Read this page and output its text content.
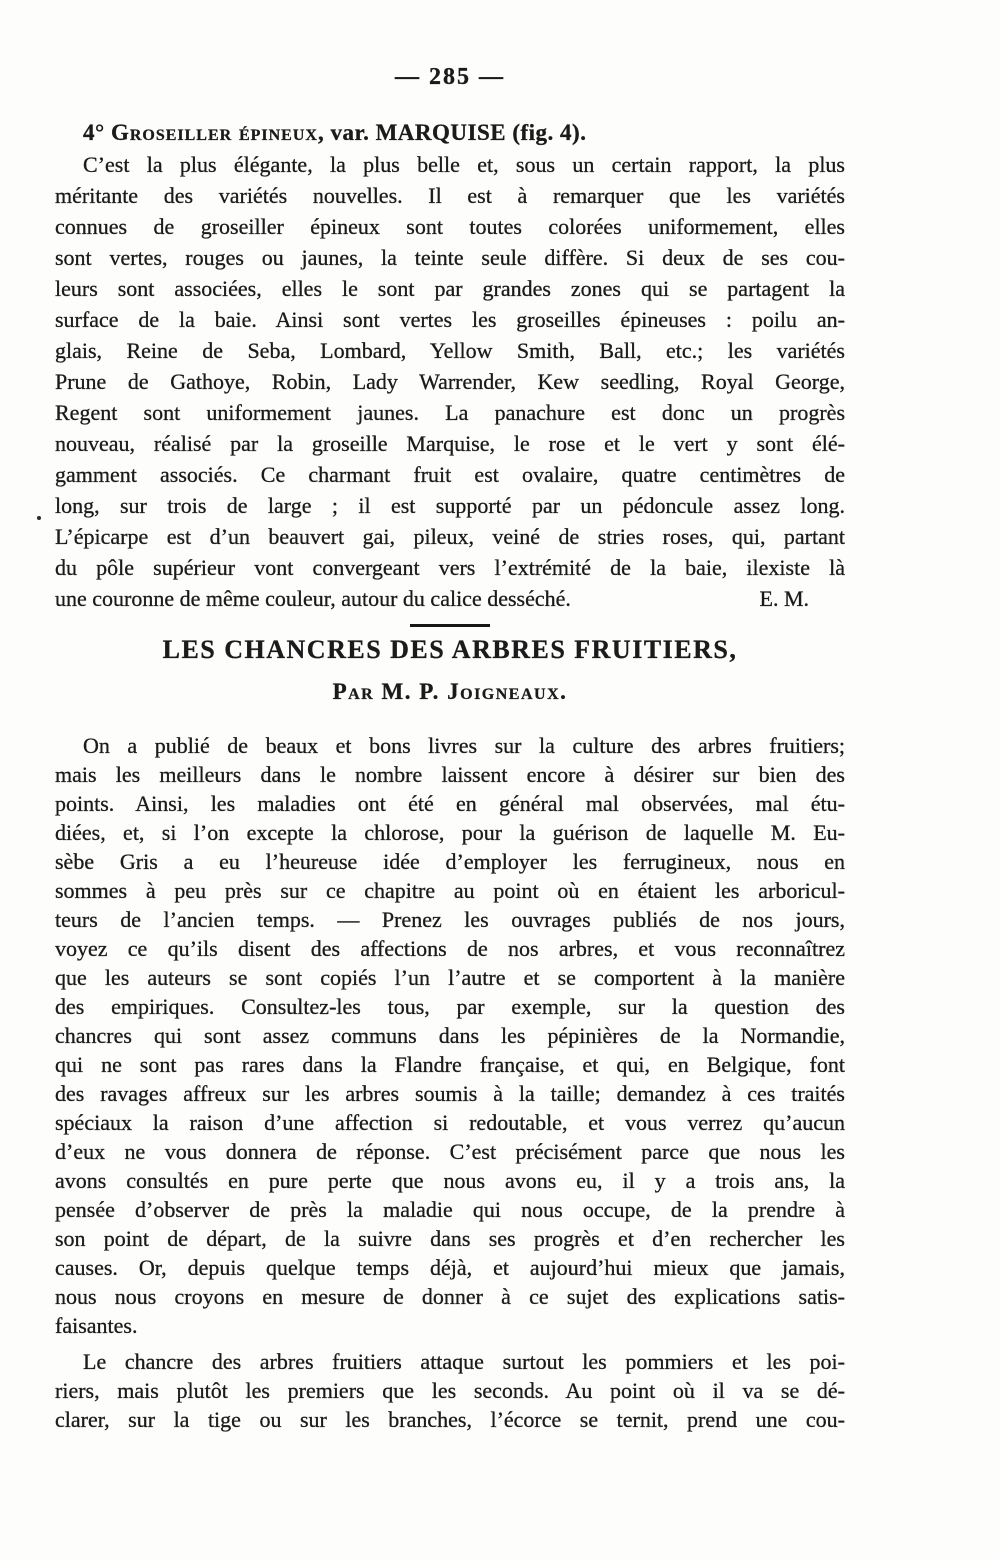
— 285 —
4° Groseiller épineux, var. MARQUISE (fig. 4).
C’est la plus élégante, la plus belle et, sous un certain rapport, la plus
méritante des variétés nouvelles. Il est à remarquer que les variétés
connues de groseiller épineux sont toutes colorées uniformement, elles
sont vertes, rouges ou jaunes, la teinte seule diffère. Si deux de ses cou-
leurs sont associées, elles le sont par grandes zones qui se partagent la
surface de la baie. Ainsi sont vertes les groseilles épineuses : poilu an-
glais, Reine de Seba, Lombard, Yellow Smith, Ball, etc.; les variétés
Prune de Gathoye, Robin, Lady Warrender, Kew seedling, Royal George,
Regent sont uniformement jaunes. La panachure est donc un progrès
nouveau, réalisé par la groseille Marquise, le rose et le vert y sont élé-
gamment associés. Ce charmant fruit est ovalaire, quatre centimètres de
long, sur trois de large ; il est supporté par un pédoncule assez long.
L’épicarpe est d’un beauvert gai, pileux, veiné de stries roses, qui, partant
du pôle supérieur vont convergeant vers l’extrémité de la baie, ilexiste là
une couronne de même couleur, autour du calice desséché.	E. M.
LES CHANCRES DES ARBRES FRUITIERS,
Par M. P. Joigneaux.
On a publié de beaux et bons livres sur la culture des arbres fruitiers;
mais les meilleurs dans le nombre laissent encore à désirer sur bien des
points. Ainsi, les maladies ont été en général mal observées, mal étu-
diées, et, si l’on excepte la chlorose, pour la guérison de laquelle M. Eu-
sèbe Gris a eu l’heureuse idée d’employer les ferrugineux, nous en
sommes à peu près sur ce chapitre au point où en étaient les arboricul-
teurs de l’ancien temps. — Prenez les ouvrages publiés de nos jours,
voyez ce qu’ils disent des affections de nos arbres, et vous reconnaîtrez
que les auteurs se sont copiés l’un l’autre et se comportent à la manière
des empiriques. Consultez-les tous, par exemple, sur la question des
chancres qui sont assez communs dans les pépinières de la Normandie,
qui ne sont pas rares dans la Flandre française, et qui, en Belgique, font
des ravages affreux sur les arbres soumis à la taille; demandez à ces traités
spéciaux la raison d’une affection si redoutable, et vous verrez qu’aucun
d’eux ne vous donnera de réponse. C’est précisément parce que nous les
avons consultés en pure perte que nous avons eu, il y a trois ans, la
pensée d’observer de près la maladie qui nous occupe, de la prendre à
son point de départ, de la suivre dans ses progrès et d’en rechercher les
causes. Or, depuis quelque temps déjà, et aujourd’hui mieux que jamais,
nous nous croyons en mesure de donner à ce sujet des explications satis-
faisantes.
Le chancre des arbres fruitiers attaque surtout les pommiers et les poi-
riers, mais plutôt les premiers que les seconds. Au point où il va se dé-
clarer, sur la tige ou sur les branches, l’écorce se ternit, prend une cou-
